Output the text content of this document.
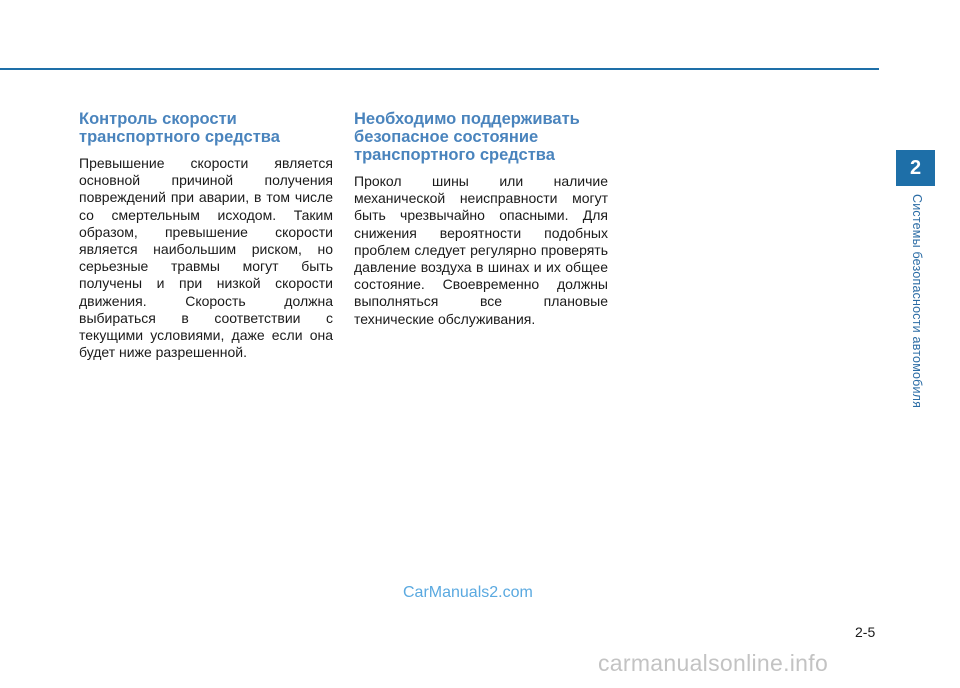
Контроль скорости
транспортного средства

Превышение скорости является основной причиной получения повреждений при аварии, в том числе со смертельным исходом. Таким образом, превышение скорости является наибольшим риском, но серьезные травмы могут быть получены и при низкой скорости движения. Скорость должна выбираться в соответствии с текущими условиями, даже если она будет ниже разрешенной.

Необходимо поддерживать
безопасное состояние
транспортного средства

Прокол шины или наличие механической неисправности могут быть чрезвычайно опасными. Для снижения вероятности подобных проблем следует регулярно проверять давление воздуха в шинах и их общее состояние. Своевременно должны выполняться все плановые технические обслуживания.

2
Системы безопасности автомобиля
CarManuals2.com
2-5
carmanualsonline.info
